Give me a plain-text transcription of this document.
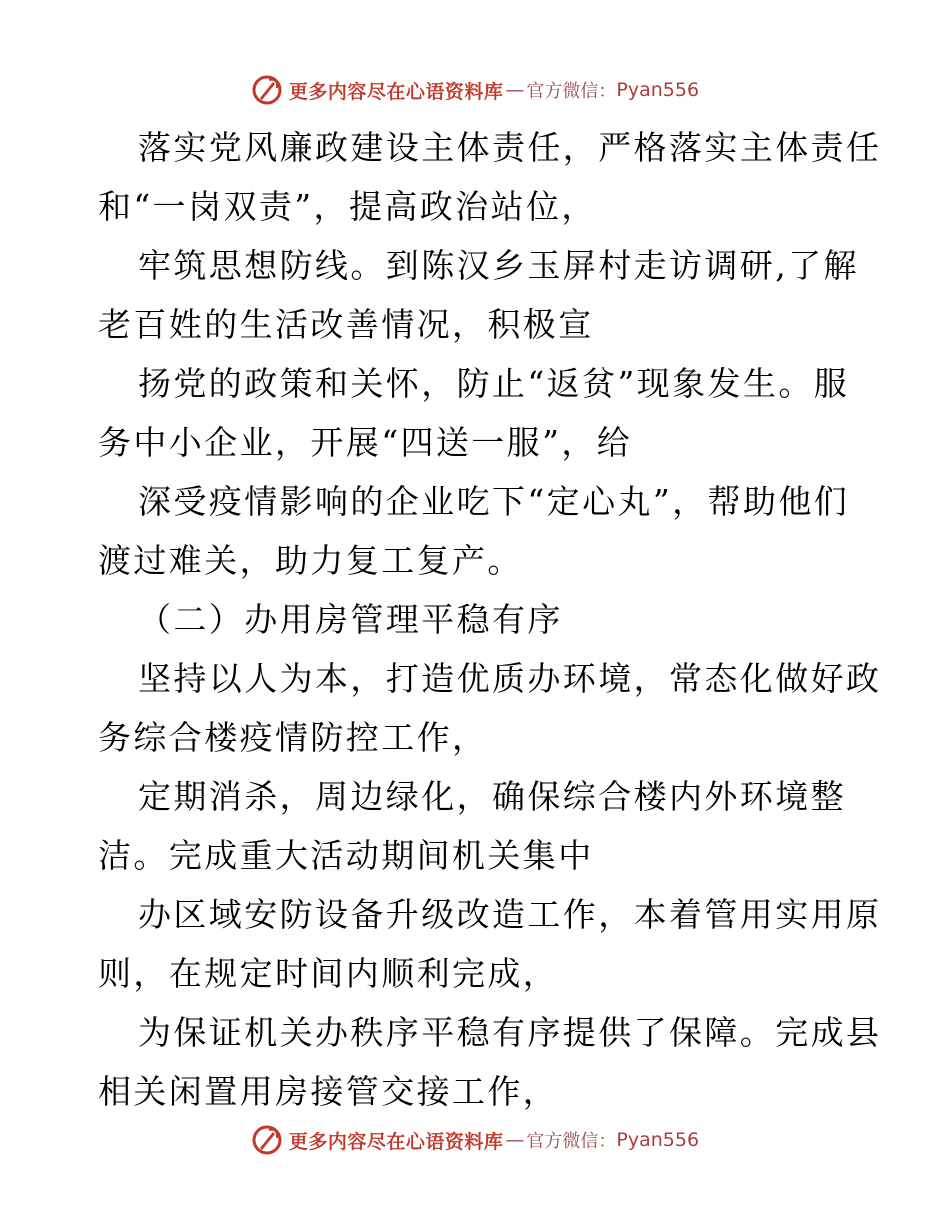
更多内容尽在心语资料库 — 官方微信： Pyan556
落实党风廉政建设主体责任，严格落实主体责任
和“一岗双责”，提高政治站位，
牢筑思想防线。到陈汉乡玉屏村走访调研,了解
老百姓的生活改善情况，积极宣
扬党的政策和关怀，防止“返贫”现象发生。服
务中小企业，开展“四送一服”，给
深受疫情影响的企业吃下“定心丸”，帮助他们
渡过难关，助力复工复产。
（二）办用房管理平稳有序
坚持以人为本，打造优质办环境，常态化做好政
务综合楼疫情防控工作，
定期消杀，周边绿化，确保综合楼内外环境整
洁。完成重大活动期间机关集中
办区域安防设备升级改造工作，本着管用实用原
则，在规定时间内顺利完成，
为保证机关办秩序平稳有序提供了保障。完成县
相关闲置用房接管交接工作，
更多内容尽在心语资料库 — 官方微信： Pyan556
